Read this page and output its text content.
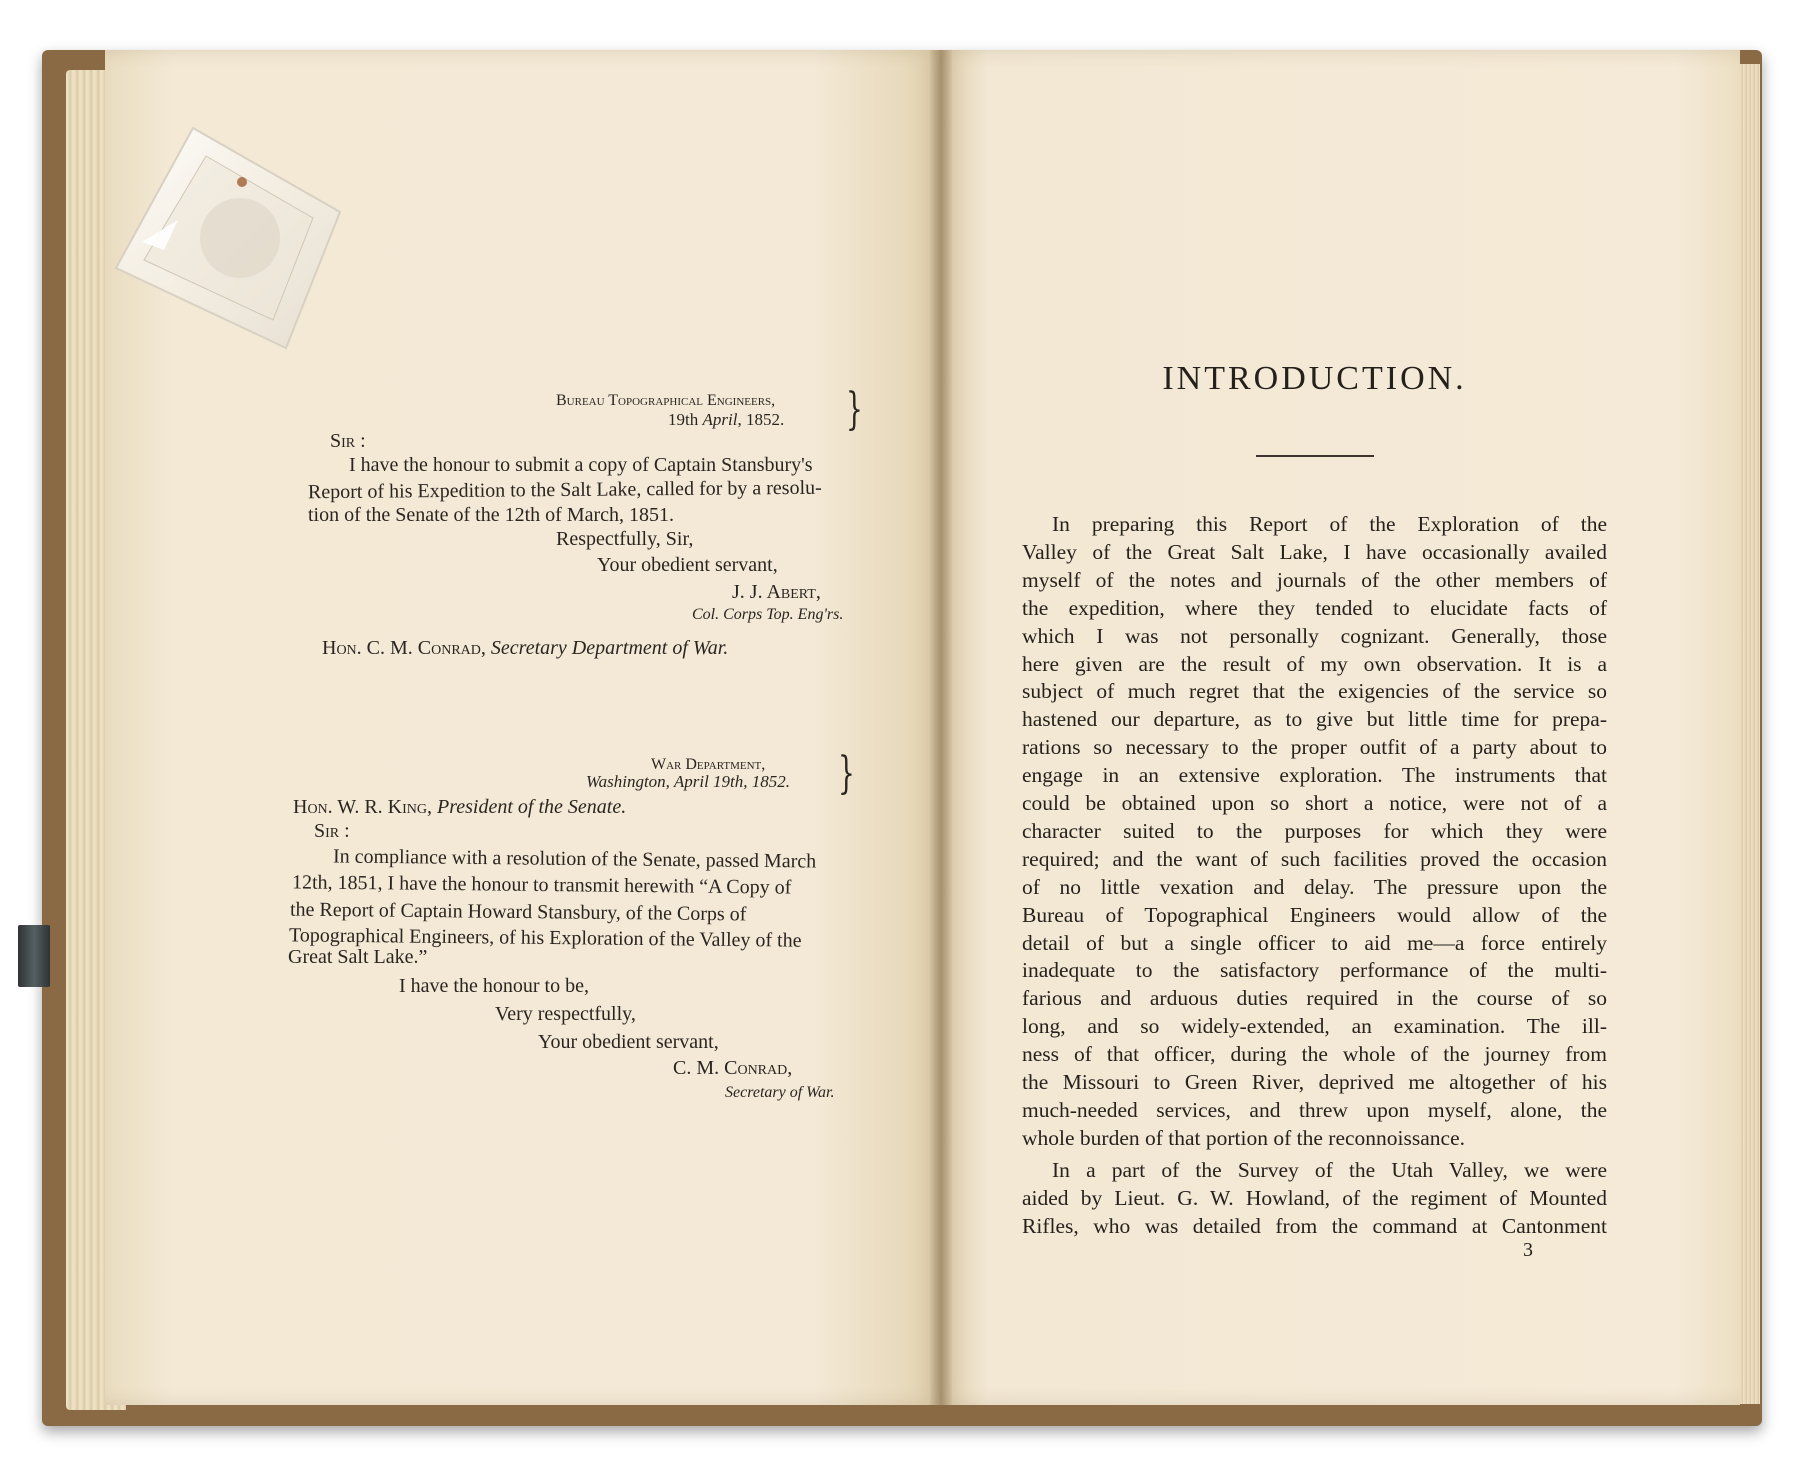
Bureau Topographical Engineers,
19th April, 1852. }
Sir :
I have the honour to submit a copy of Captain Stansbury's
Report of his Expedition to the Salt Lake, called for by a resolu-
tion of the Senate of the 12th of March, 1851.
Respectfully, Sir,
Your obedient servant,
J. J. Abert,
Col. Corps Top. Eng'rs.
Hon. C. M. Conrad, Secretary Department of War.
War Department,
Washington, April 19th, 1852. }
Hon. W. R. King, President of the Senate.
Sir :
In compliance with a resolution of the Senate, passed March
12th, 1851, I have the honour to transmit herewith “A Copy of
the Report of Captain Howard Stansbury, of the Corps of
Topographical Engineers, of his Exploration of the Valley of the
Great Salt Lake.”
I have the honour to be,
Very respectfully,
Your obedient servant,
C. M. Conrad,
Secretary of War.
INTRODUCTION.
In preparing this Report of the Exploration of the
Valley of the Great Salt Lake, I have occasionally availed
myself of the notes and journals of the other members of
the expedition, where they tended to elucidate facts of
which I was not personally cognizant. Generally, those
here given are the result of my own observation. It is a
subject of much regret that the exigencies of the service so
hastened our departure, as to give but little time for prepa-
rations so necessary to the proper outfit of a party about to
engage in an extensive exploration. The instruments that
could be obtained upon so short a notice, were not of a
character suited to the purposes for which they were
required; and the want of such facilities proved the occasion
of no little vexation and delay. The pressure upon the
Bureau of Topographical Engineers would allow of the
detail of but a single officer to aid me—a force entirely
inadequate to the satisfactory performance of the multi-
farious and arduous duties required in the course of so
long, and so widely-extended, an examination. The ill-
ness of that officer, during the whole of the journey from
the Missouri to Green River, deprived me altogether of his
much-needed services, and threw upon myself, alone, the
whole burden of that portion of the reconnoissance.
In a part of the Survey of the Utah Valley, we were
aided by Lieut. G. W. Howland, of the regiment of Mounted
Rifles, who was detailed from the command at Cantonment
3
